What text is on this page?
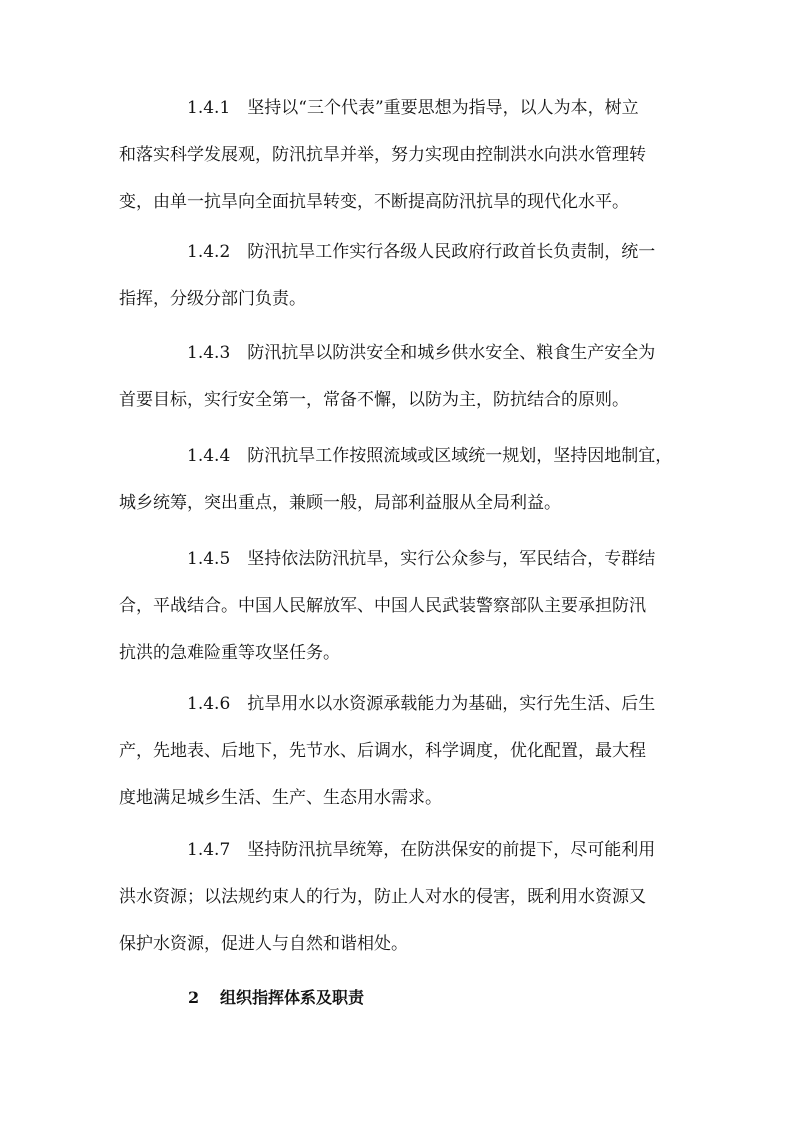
1.4.1　坚持以“三个代表”重要思想为指导，以人为本，树立
和落实科学发展观，防汛抗旱并举，努力实现由控制洪水向洪水管理转
变，由单一抗旱向全面抗旱转变，不断提高防汛抗旱的现代化水平。

1.4.2　防汛抗旱工作实行各级人民政府行政首长负责制，统一
指挥，分级分部门负责。

1.4.3　防汛抗旱以防洪安全和城乡供水安全、粮食生产安全为
首要目标，实行安全第一，常备不懈，以防为主，防抗结合的原则。

1.4.4　防汛抗旱工作按照流域或区域统一规划，坚持因地制宜，
城乡统筹，突出重点，兼顾一般，局部利益服从全局利益。

1.4.5　坚持依法防汛抗旱，实行公众参与，军民结合，专群结
合，平战结合。中国人民解放军、中国人民武装警察部队主要承担防汛
抗洪的急难险重等攻坚任务。

1.4.6　抗旱用水以水资源承载能力为基础，实行先生活、后生
产，先地表、后地下，先节水、后调水，科学调度，优化配置，最大程
度地满足城乡生活、生产、生态用水需求。

1.4.7　坚持防汛抗旱统筹，在防洪保安的前提下，尽可能利用
洪水资源；以法规约束人的行为，防止人对水的侵害，既利用水资源又
保护水资源，促进人与自然和谐相处。

2 组织指挥体系及职责
